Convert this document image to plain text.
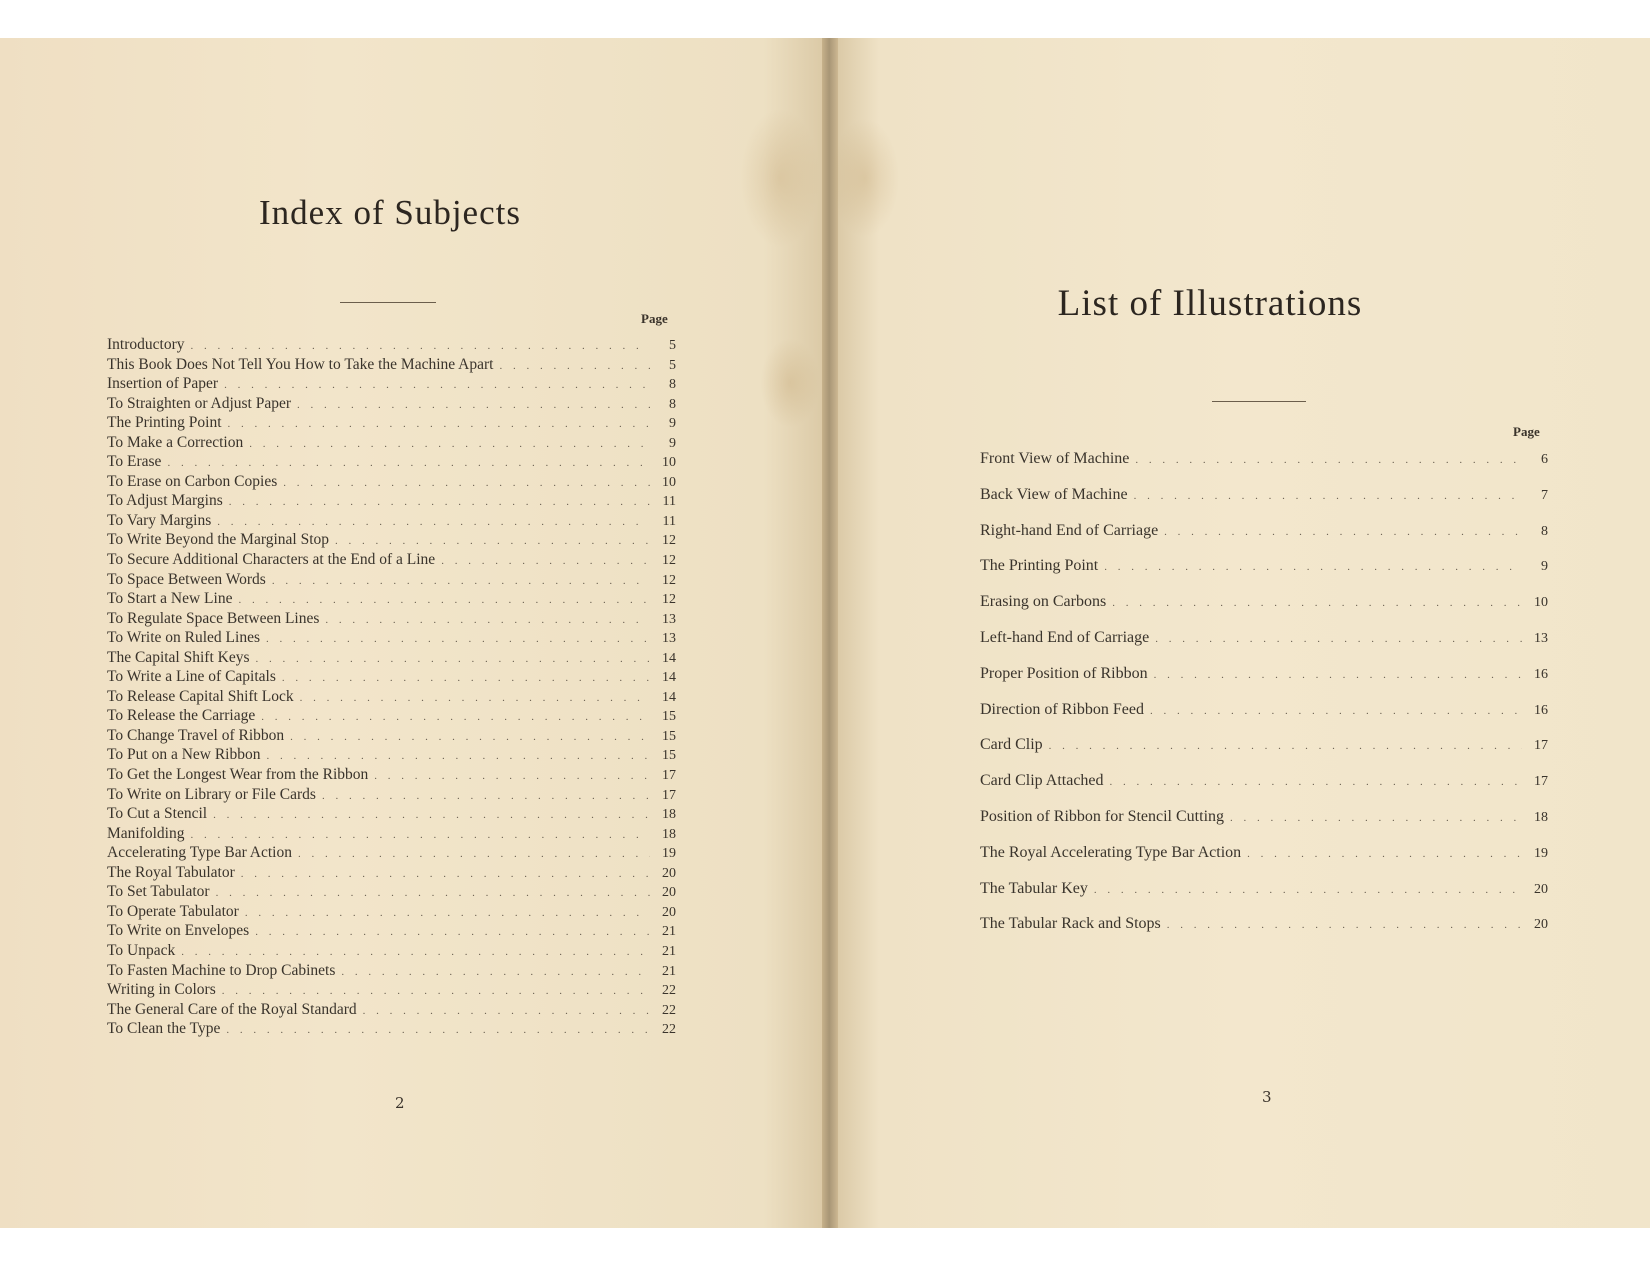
Index of Subjects
Page
Introductory . . .	5
This Book Does Not Tell You How to Take the Machine Apart . . .	5
Insertion of Paper . . .	8
To Straighten or Adjust Paper . . .	8
The Printing Point . . .	9
To Make a Correction . . .	9
To Erase . . .	10
To Erase on Carbon Copies . . .	10
To Adjust Margins . . .	11
To Vary Margins . . .	11
To Write Beyond the Marginal Stop . . .	12
To Secure Additional Characters at the End of a Line . . .	12
To Space Between Words . . .	12
To Start a New Line . . .	12
To Regulate Space Between Lines . . .	13
To Write on Ruled Lines . . .	13
The Capital Shift Keys . . .	14
To Write a Line of Capitals . . .	14
To Release Capital Shift Lock . . .	14
To Release the Carriage . . .	15
To Change Travel of Ribbon . . .	15
To Put on a New Ribbon . . .	15
To Get the Longest Wear from the Ribbon . . .	17
To Write on Library or File Cards . . .	17
To Cut a Stencil . . .	18
Manifolding . . .	18
Accelerating Type Bar Action . . .	19
The Royal Tabulator . . .	20
To Set Tabulator . . .	20
To Operate Tabulator . . .	20
To Write on Envelopes . . .	21
To Unpack . . .	21
To Fasten Machine to Drop Cabinets . . .	21
Writing in Colors . . .	22
The General Care of the Royal Standard . . .	22
To Clean the Type . . .	22
2
List of Illustrations
Page
Front View of Machine . . .	6
Back View of Machine . . .	7
Right-hand End of Carriage . . .	8
The Printing Point . . .	9
Erasing on Carbons . . .	10
Left-hand End of Carriage . . .	13
Proper Position of Ribbon . . .	16
Direction of Ribbon Feed . . .	16
Card Clip . . .	17
Card Clip Attached . . .	17
Position of Ribbon for Stencil Cutting . . .	18
The Royal Accelerating Type Bar Action . . .	19
The Tabular Key . . .	20
The Tabular Rack and Stops . . .	20
3
